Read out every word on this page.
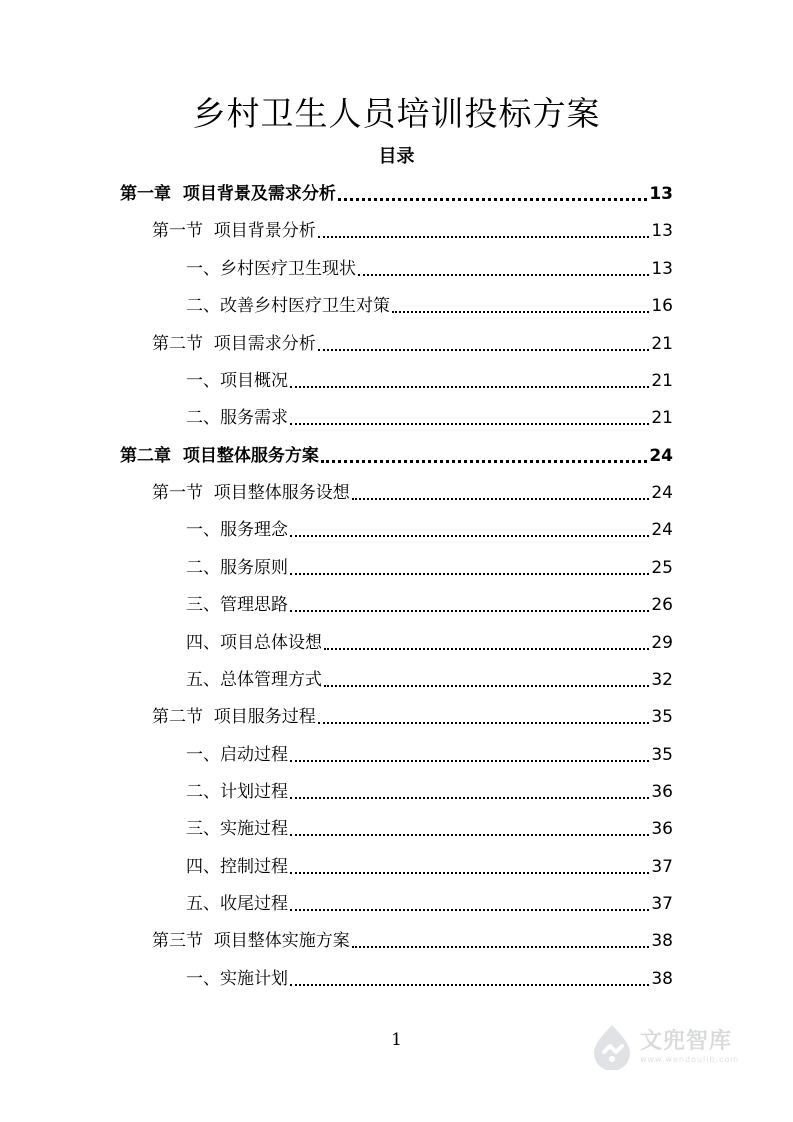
乡村卫生人员培训投标方案
目录
第一章  项目背景及需求分析	13
第一节  项目背景分析	13
一、乡村医疗卫生现状	13
二、改善乡村医疗卫生对策	16
第二节  项目需求分析	21
一、项目概况	21
二、服务需求	21
第二章  项目整体服务方案	24
第一节  项目整体服务设想	24
一、服务理念	24
二、服务原则	25
三、管理思路	26
四、项目总体设想	29
五、总体管理方式	32
第二节  项目服务过程	35
一、启动过程	35
二、计划过程	36
三、实施过程	36
四、控制过程	37
五、收尾过程	37
第三节  项目整体实施方案	38
一、实施计划	38
1	文兜智库
www.wendoulib.com
